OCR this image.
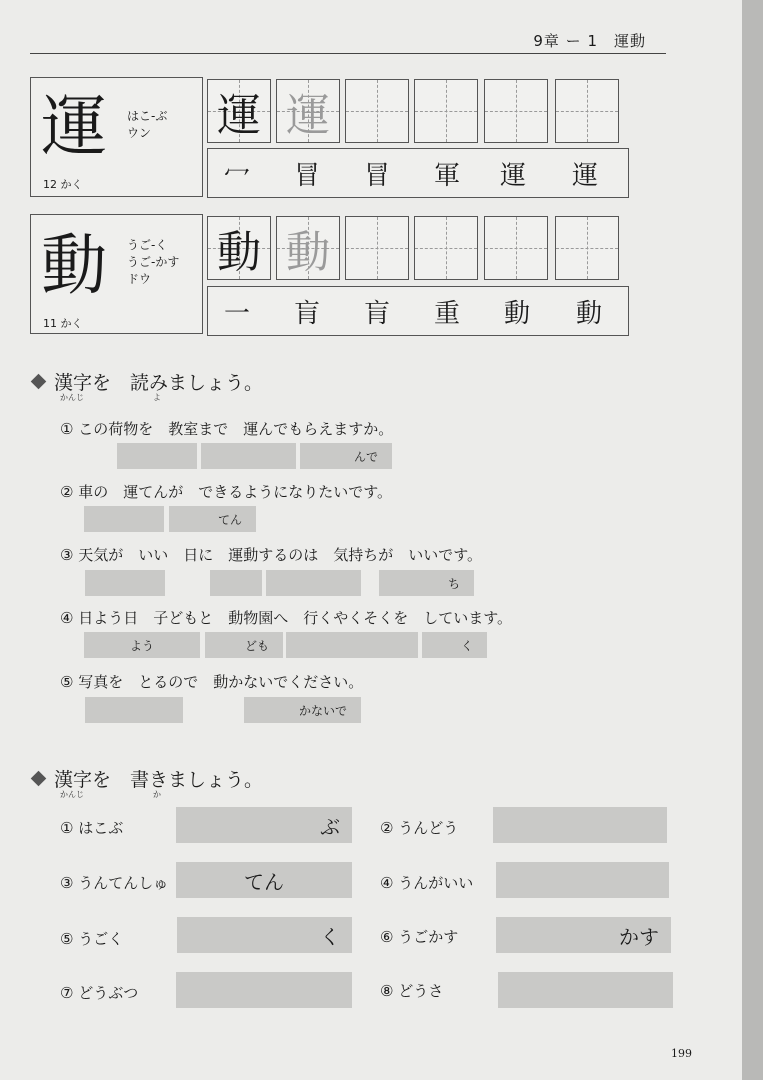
9章 ー 1　運動
運 はこ-ぶ
ウン
12 かく
運 運
冖 冒 冒 軍 運 運
動 うご-く
うご-かす
ドウ
11 かく
動 動
一 肓 肓 重 動 動
漢字を　読みましょう。
かんじ	よ
① この荷物を　教室まで　運んでもらえますか。
んで
② 車の　運てんが　できるようになりたいです。
てん
③ 天気が　いい　日に　運動するのは　気持ちが　いいです。
ち
④ 日よう日　子どもと　動物園へ　行くやくそくを　しています。
よう	ども	く
⑤ 写真を　とるので　動かないでください。
かないで
漢字を　書きましょう。
かんじ	か
① はこぶ	ぶ	② うんどう
③ うんてんしゅ	てん	④ うんがいい
⑤ うごく	く	⑥ うごかす	かす
⑦ どうぶつ	⑧ どうさ
199
